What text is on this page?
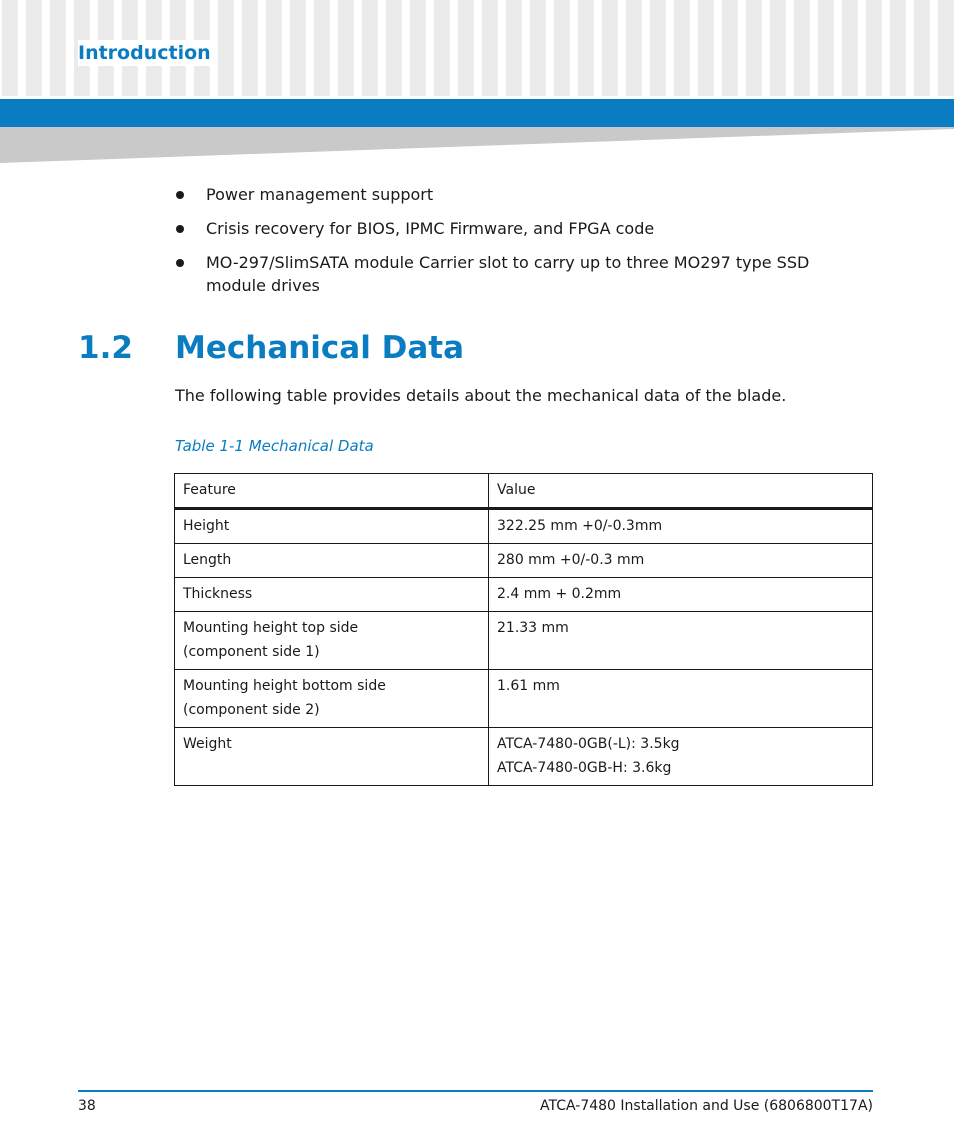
Introduction
Power management support
Crisis recovery for BIOS, IPMC Firmware, and FPGA code
MO-297/SlimSATA module Carrier slot to carry up to three MO297 type SSD module drives
1.2 Mechanical Data
The following table provides details about the mechanical data of the blade.
Table 1-1 Mechanical Data
Feature	Value

Height	322.25 mm +0/-0.3mm

Length	280 mm +0/-0.3 mm

Thickness	2.4 mm + 0.2mm

Mounting height top side
(component side 1)	21.33 mm

Mounting height bottom side
(component side 2)	1.61 mm

Weight	ATCA-7480-0GB(-L): 3.5kg
ATCA-7480-0GB-H: 3.6kg
38	ATCA-7480 Installation and Use (6806800T17A)
